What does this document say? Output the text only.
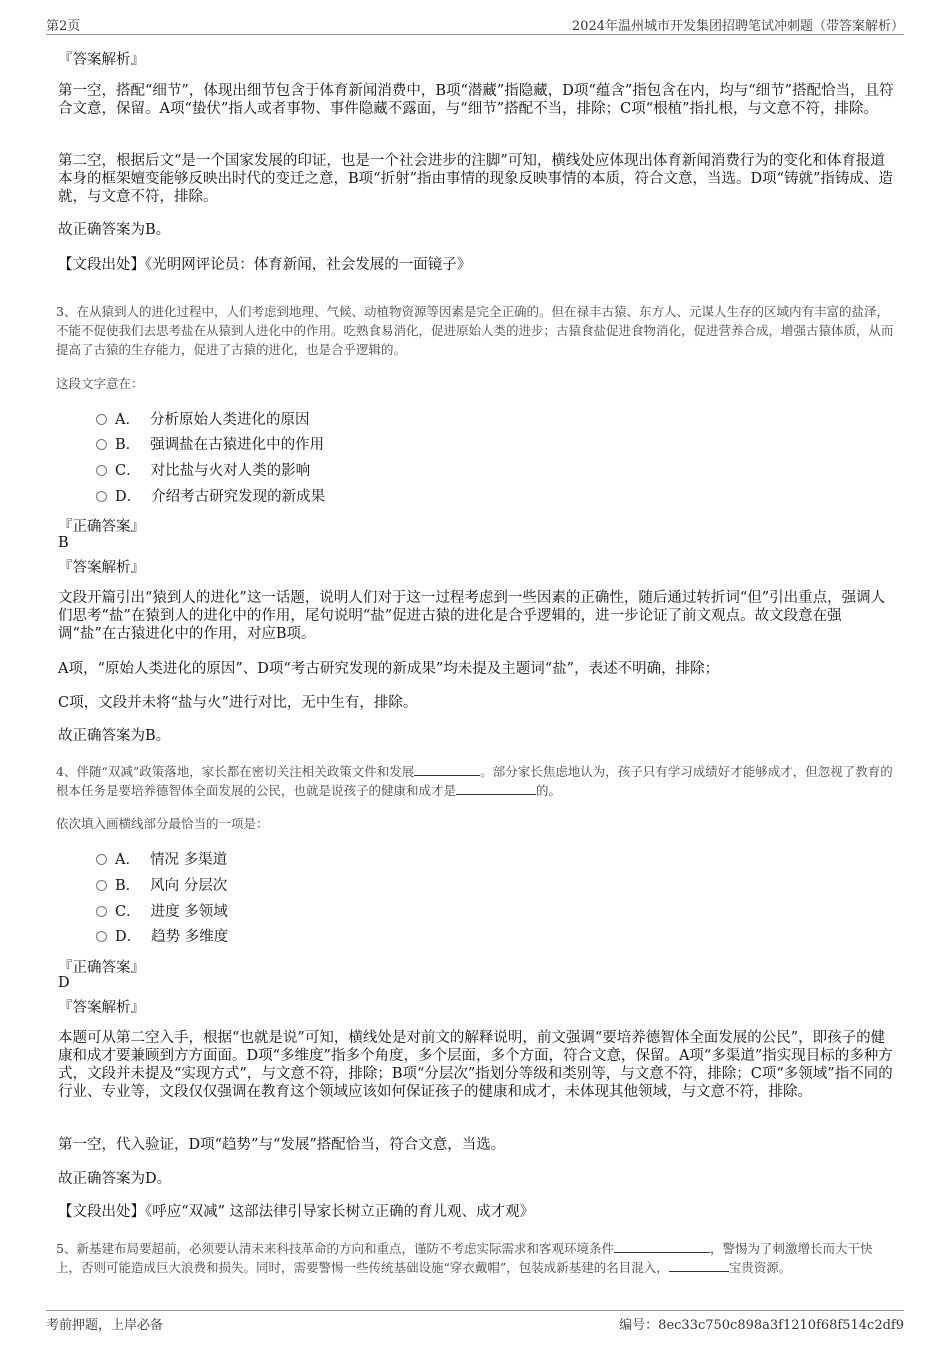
第2页	2024年温州城市开发集团招聘笔试冲刺题（带答案解析）
『答案解析』
第一空，搭配“细节”，体现出细节包含于体育新闻消费中，B项“潜藏”指隐藏，D项“蕴含”指包含在内，均与“细节”搭配恰当，且符合文意，保留。A项“蛰伏”指人或者事物、事件隐藏不露面，与“细节”搭配不当，排除；C项“根植”指扎根，与文意不符，排除。
第二空，根据后文“是一个国家发展的印证，也是一个社会进步的注脚”可知，横线处应体现出体育新闻消费行为的变化和体育报道本身的框架嬗变能够反映出时代的变迁之意，B项“折射”指由事情的现象反映事情的本质，符合文意，当选。D项“铸就”指铸成、造就，与文意不符，排除。
故正确答案为B。
【文段出处】《光明网评论员：体育新闻，社会发展的一面镜子》
3、在从猿到人的进化过程中，人们考虑到地理、气候、动植物资源等因素是完全正确的。但在禄丰古猿、东方人、元谋人生存的区域内有丰富的盐泽，不能不促使我们去思考盐在从猿到人进化中的作用。吃熟食易消化，促进原始人类的进步；古猿食盐促进食物消化，促进营养合成，增强古猿体质，从而提高了古猿的生存能力，促进了古猿的进化，也是合乎逻辑的。
这段文字意在：
A． 分析原始人类进化的原因
B． 强调盐在古猿进化中的作用
C． 对比盐与火对人类的影响
D． 介绍考古研究发现的新成果
『正确答案』
B
『答案解析』
文段开篇引出“猿到人的进化”这一话题，说明人们对于这一过程考虑到一些因素的正确性，随后通过转折词“但”引出重点，强调人们思考“盐”在猿到人的进化中的作用，尾句说明“盐”促进古猿的进化是合乎逻辑的，进一步论证了前文观点。故文段意在强调“盐”在古猿进化中的作用，对应B项。
A项，“原始人类进化的原因”、D项“考古研究发现的新成果”均未提及主题词“盐”，表述不明确，排除；
C项，文段并未将“盐与火”进行对比，无中生有，排除。
故正确答案为B。
4、伴随“双减”政策落地，家长都在密切关注相关政策文件和发展	。部分家长焦虑地认为，孩子只有学习成绩好才能够成才，但忽视了教育的根本任务是要培养德智体全面发展的公民，也就是说孩子的健康和成才是	的。
依次填入画横线部分最恰当的一项是：
A． 情况 多渠道
B． 风向 分层次
C． 进度 多领域
D． 趋势 多维度
『正确答案』
D
『答案解析』
本题可从第二空入手，根据“也就是说”可知，横线处是对前文的解释说明，前文强调“要培养德智体全面发展的公民”，即孩子的健康和成才要兼顾到方方面面。D项“多维度”指多个角度，多个层面，多个方面，符合文意，保留。A项“多渠道”指实现目标的多种方式，文段并未提及“实现方式”，与文意不符，排除；B项“分层次”指划分等级和类别等，与文意不符，排除；C项“多领域”指不同的行业、专业等，文段仅仅强调在教育这个领域应该如何保证孩子的健康和成才，未体现其他领域，与文意不符，排除。
第一空，代入验证，D项“趋势”与“发展”搭配恰当，符合文意，当选。
故正确答案为D。
【文段出处】《呼应“双减” 这部法律引导家长树立正确的育儿观、成才观》
5、新基建布局要超前，必须要认清未来科技革命的方向和重点，谨防不考虑实际需求和客观环境条件	，警惕为了刺激增长而大干快上，否则可能造成巨大浪费和损失。同时，需要警惕一些传统基础设施“穿衣戴帽”，包装成新基建的名目混入，	宝贵资源。
考前押题，上岸必备	编号：8ec33c750c898a3f1210f68f514c2df9
